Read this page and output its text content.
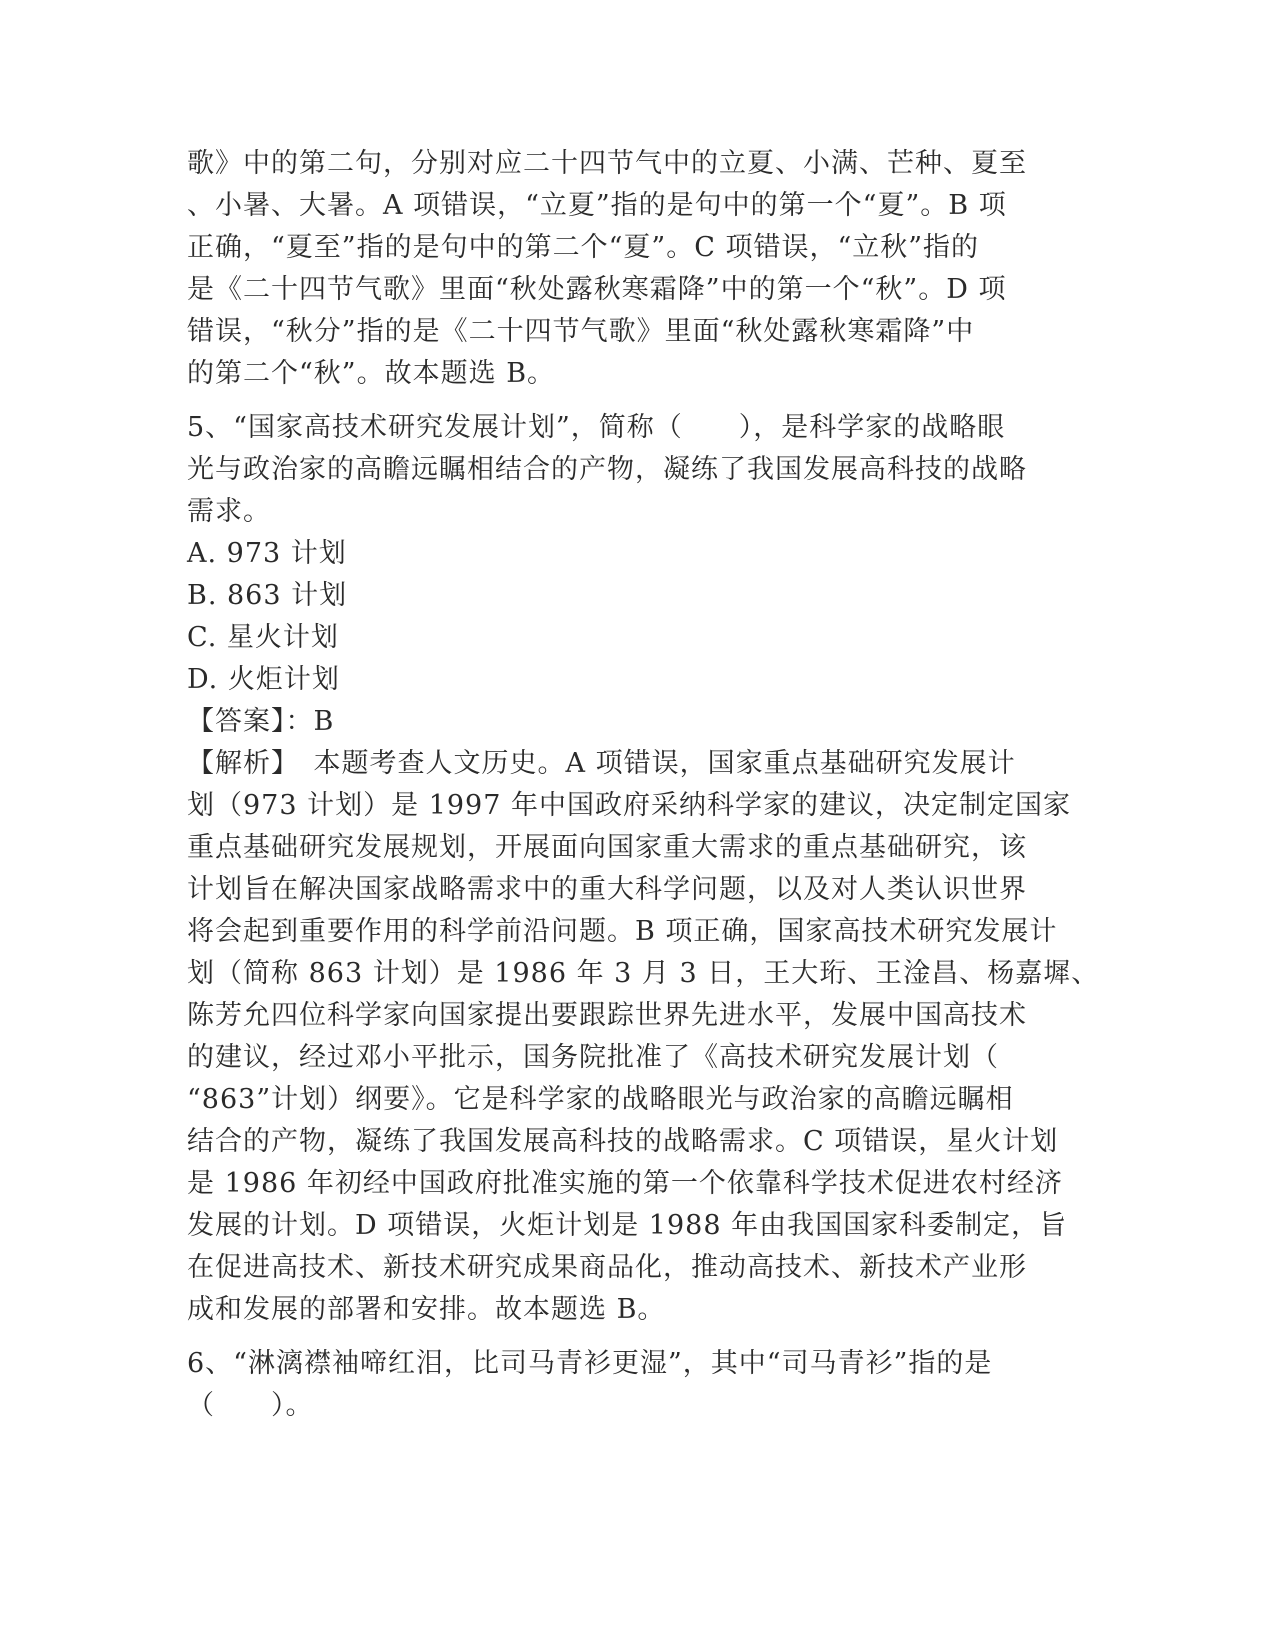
歌》中的第二句，分别对应二十四节气中的立夏、小满、芒种、夏至
、小暑、大暑。A 项错误，“立夏”指的是句中的第一个“夏”。B 项
正确，“夏至”指的是句中的第二个“夏”。C 项错误，“立秋”指的
是《二十四节气歌》里面“秋处露秋寒霜降”中的第一个“秋”。D 项
错误，“秋分”指的是《二十四节气歌》里面“秋处露秋寒霜降”中
的第二个“秋”。故本题选 B。
5、“国家高技术研究发展计划”，简称（　　），是科学家的战略眼
光与政治家的高瞻远瞩相结合的产物，凝练了我国发展高科技的战略
需求。
A. 973 计划
B. 863 计划
C. 星火计划
D. 火炬计划
【答案】：B
【解析】　本题考查人文历史。A 项错误，国家重点基础研究发展计
划（973 计划）是 1997 年中国政府采纳科学家的建议，决定制定国家
重点基础研究发展规划，开展面向国家重大需求的重点基础研究，该
计划旨在解决国家战略需求中的重大科学问题，以及对人类认识世界
将会起到重要作用的科学前沿问题。B 项正确，国家高技术研究发展计
划（简称 863 计划）是 1986 年 3 月 3 日，王大珩、王淦昌、杨嘉墀、
陈芳允四位科学家向国家提出要跟踪世界先进水平，发展中国高技术
的建议，经过邓小平批示，国务院批准了《高技术研究发展计划（
“863”计划）纲要》。它是科学家的战略眼光与政治家的高瞻远瞩相
结合的产物，凝练了我国发展高科技的战略需求。C 项错误，星火计划
是 1986 年初经中国政府批准实施的第一个依靠科学技术促进农村经济
发展的计划。D 项错误，火炬计划是 1988 年由我国国家科委制定，旨
在促进高技术、新技术研究成果商品化，推动高技术、新技术产业形
成和发展的部署和安排。故本题选 B。
6、“淋漓襟袖啼红泪，比司马青衫更湿”，其中“司马青衫”指的是
（　　）。
